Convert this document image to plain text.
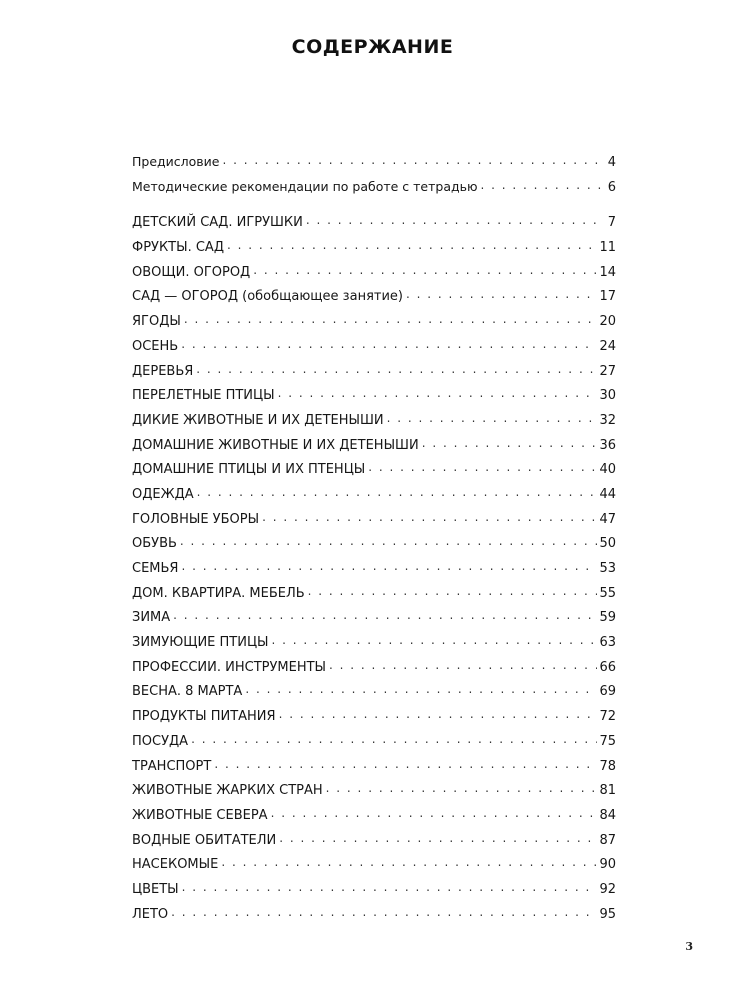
СОДЕРЖАНИЕ
Предисловие . . .	4
Методические рекомендации по работе с тетрадью . . .	6
ДЕТСКИЙ САД. ИГРУШКИ . . .	7
ФРУКТЫ. САД . . .	11
ОВОЩИ. ОГОРОД . . .	14
САД — ОГОРОД (обобщающее занятие) . . .	17
ЯГОДЫ . . .	20
ОСЕНЬ . . .	24
ДЕРЕВЬЯ . . .	27
ПЕРЕЛЕТНЫЕ ПТИЦЫ . . .	30
ДИКИЕ ЖИВОТНЫЕ И ИХ ДЕТЕНЫШИ . . .	32
ДОМАШНИЕ ЖИВОТНЫЕ И ИХ ДЕТЕНЫШИ . . .	36
ДОМАШНИЕ ПТИЦЫ И ИХ ПТЕНЦЫ . . .	40
ОДЕЖДА . . .	44
ГОЛОВНЫЕ УБОРЫ . . .	47
ОБУВЬ . . .	50
СЕМЬЯ . . .	53
ДОМ. КВАРТИРА. МЕБЕЛЬ . . .	55
ЗИМА . . .	59
ЗИМУЮЩИЕ ПТИЦЫ . . .	63
ПРОФЕССИИ. ИНСТРУМЕНТЫ . . .	66
ВЕСНА. 8 МАРТА . . .	69
ПРОДУКТЫ ПИТАНИЯ . . .	72
ПОСУДА . . .	75
ТРАНСПОРТ . . .	78
ЖИВОТНЫЕ ЖАРКИХ СТРАН . . .	81
ЖИВОТНЫЕ СЕВЕРА . . .	84
ВОДНЫЕ ОБИТАТЕЛИ . . .	87
НАСЕКОМЫЕ . . .	90
ЦВЕТЫ . . .	92
ЛЕТО . . .	95
3
